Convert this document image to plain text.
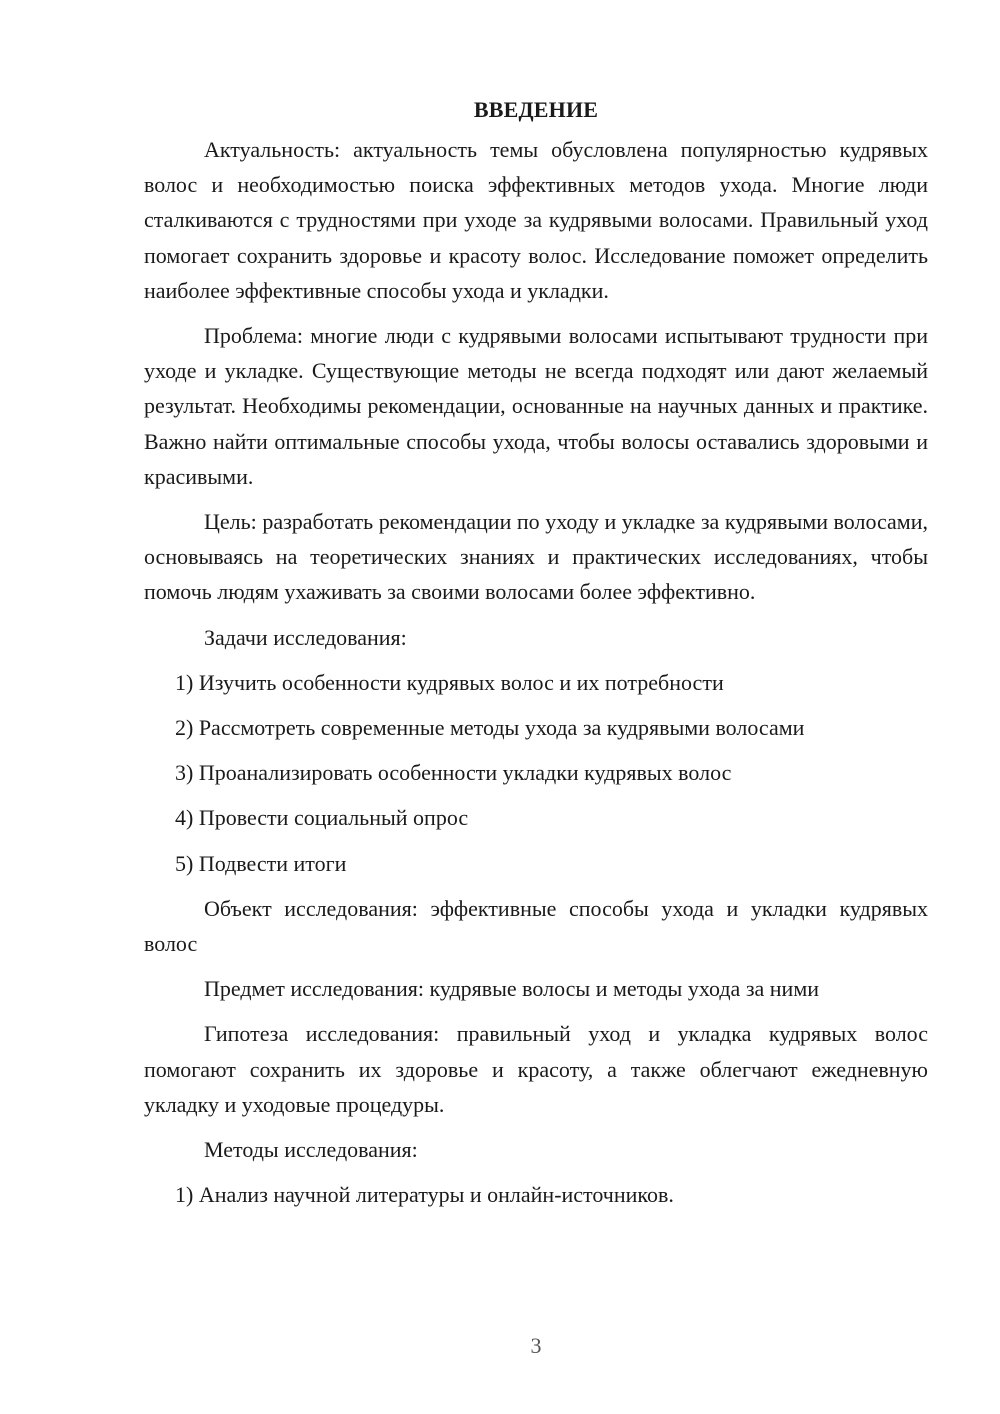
ВВЕДЕНИЕ

Актуальность: актуальность темы обусловлена популярностью кудрявых волос и необходимостью поиска эффективных методов ухода. Многие люди сталкиваются с трудностями при уходе за кудрявыми волосами. Правильный уход помогает сохранить здоровье и красоту волос. Исследование поможет определить наиболее эффективные способы ухода и укладки.

Проблема: многие люди с кудрявыми волосами испытывают трудности при уходе и укладке. Существующие методы не всегда подходят или дают желаемый результат. Необходимы рекомендации, основанные на научных данных и практике. Важно найти оптимальные способы ухода, чтобы волосы оставались здоровыми и красивыми.

Цель: разработать рекомендации по уходу и укладке за кудрявыми волосами, основываясь на теоретических знаниях и практических исследованиях, чтобы помочь людям ухаживать за своими волосами более эффективно.

Задачи исследования:

1) Изучить особенности кудрявых волос и их потребности
2) Рассмотреть современные методы ухода за кудрявыми волосами
3) Проанализировать особенности укладки кудрявых волос
4) Провести социальный опрос
5) Подвести итоги

Объект исследования: эффективные способы ухода и укладки кудрявых волос

Предмет исследования: кудрявые волосы и методы ухода за ними

Гипотеза исследования: правильный уход и укладка кудрявых волос помогают сохранить их здоровье и красоту, а также облегчают ежедневную укладку и уходовые процедуры.

Методы исследования:

1) Анализ научной литературы и онлайн-источников.
3
